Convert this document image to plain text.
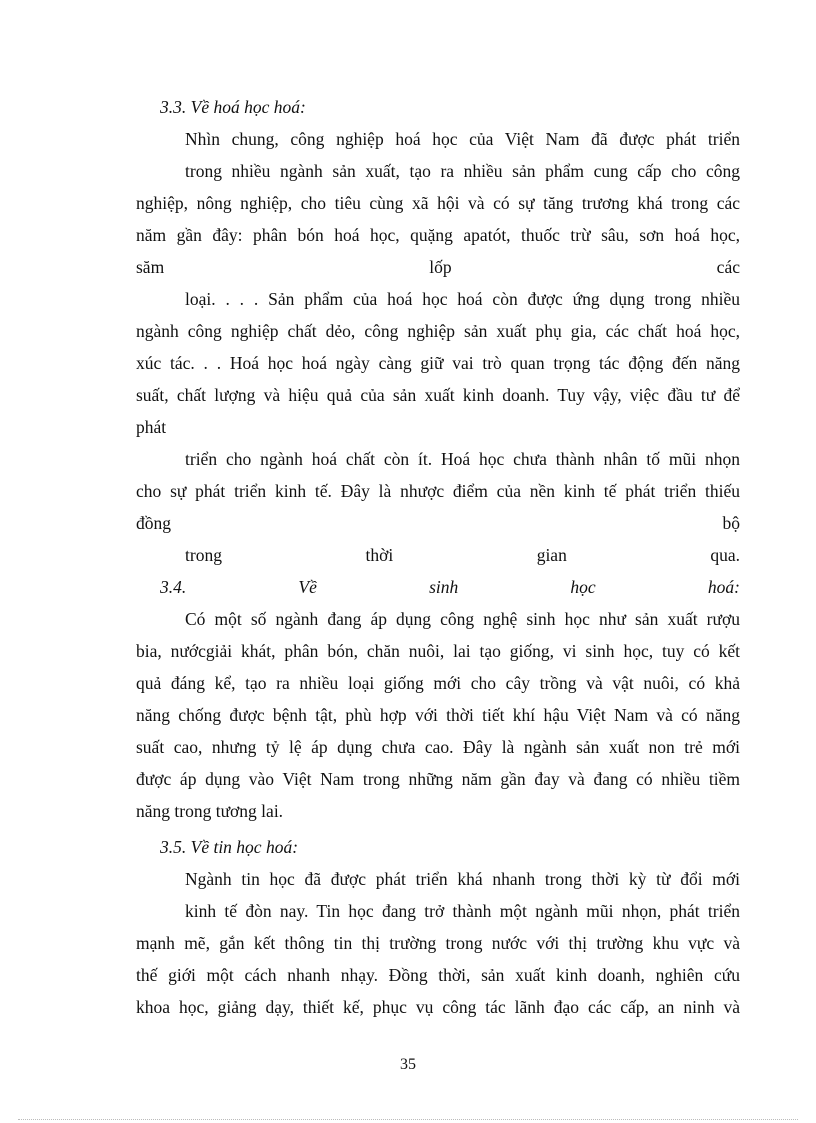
3.3. Về hoá học hoá:
Nhìn chung, công nghiệp hoá học của Việt Nam đã được phát triển
trong nhiều ngành sản xuất, tạo ra nhiều sản phẩm cung cấp cho công
nghiệp, nông nghiệp, cho tiêu cùng xã hội và có sự tăng trương khá trong các
năm gần đây: phân bón hoá học, quặng apatót, thuốc trừ sâu, sơn hoá học,
săm	lốp	các
loại. . . . Sản phẩm của hoá học hoá còn được ứng dụng trong nhiều
ngành công nghiệp chất dẻo, công nghiệp sản xuất phụ gia, các chất hoá học,
xúc tác. . . Hoá học hoá ngày càng giữ vai trò quan trọng tác động đến năng
suất, chất lượng và hiệu quả của sản xuất kinh doanh. Tuy vậy, việc đầu tư để
phát
triển cho ngành hoá chất còn ít. Hoá học chưa thành nhân tố mũi nhọn
cho sự phát triển kinh tế. Đây là nhược điểm của nền kinh tế phát triển thiếu
đồng	bộ
trong	thời	gian	qua.
3.4.	Về	sinh	học	hoá:
Có một số ngành đang áp dụng công nghệ sinh học như sản xuất rượu
bia, nướcgiải khát, phân bón, chăn nuôi, lai tạo giống, vi sinh học, tuy có kết
quả đáng kể, tạo ra nhiều loại giống mới cho cây trồng và vật nuôi, có khả
năng chống được bệnh tật, phù hợp với thời tiết khí hậu Việt Nam và có năng
suất cao, nhưng tỷ lệ áp dụng chưa cao. Đây là ngành sản xuất non trẻ mới
được áp dụng vào Việt Nam trong những năm gần đay và đang có nhiều tiềm
năng trong tương lai.
3.5. Về tin học hoá:
Ngành tin học đã được phát triển khá nhanh trong thời kỳ từ đổi mới
kinh tế đòn nay. Tin học đang trở thành một ngành mũi nhọn, phát triển
mạnh mẽ, gắn kết thông tin thị trường trong nước với thị trường khu vực và
thế giới một cách nhanh nhạy. Đồng thời, sản xuất kinh doanh, nghiên cứu
khoa học, giảng dạy, thiết kế, phục vụ công tác lãnh đạo các cấp, an ninh và
35
